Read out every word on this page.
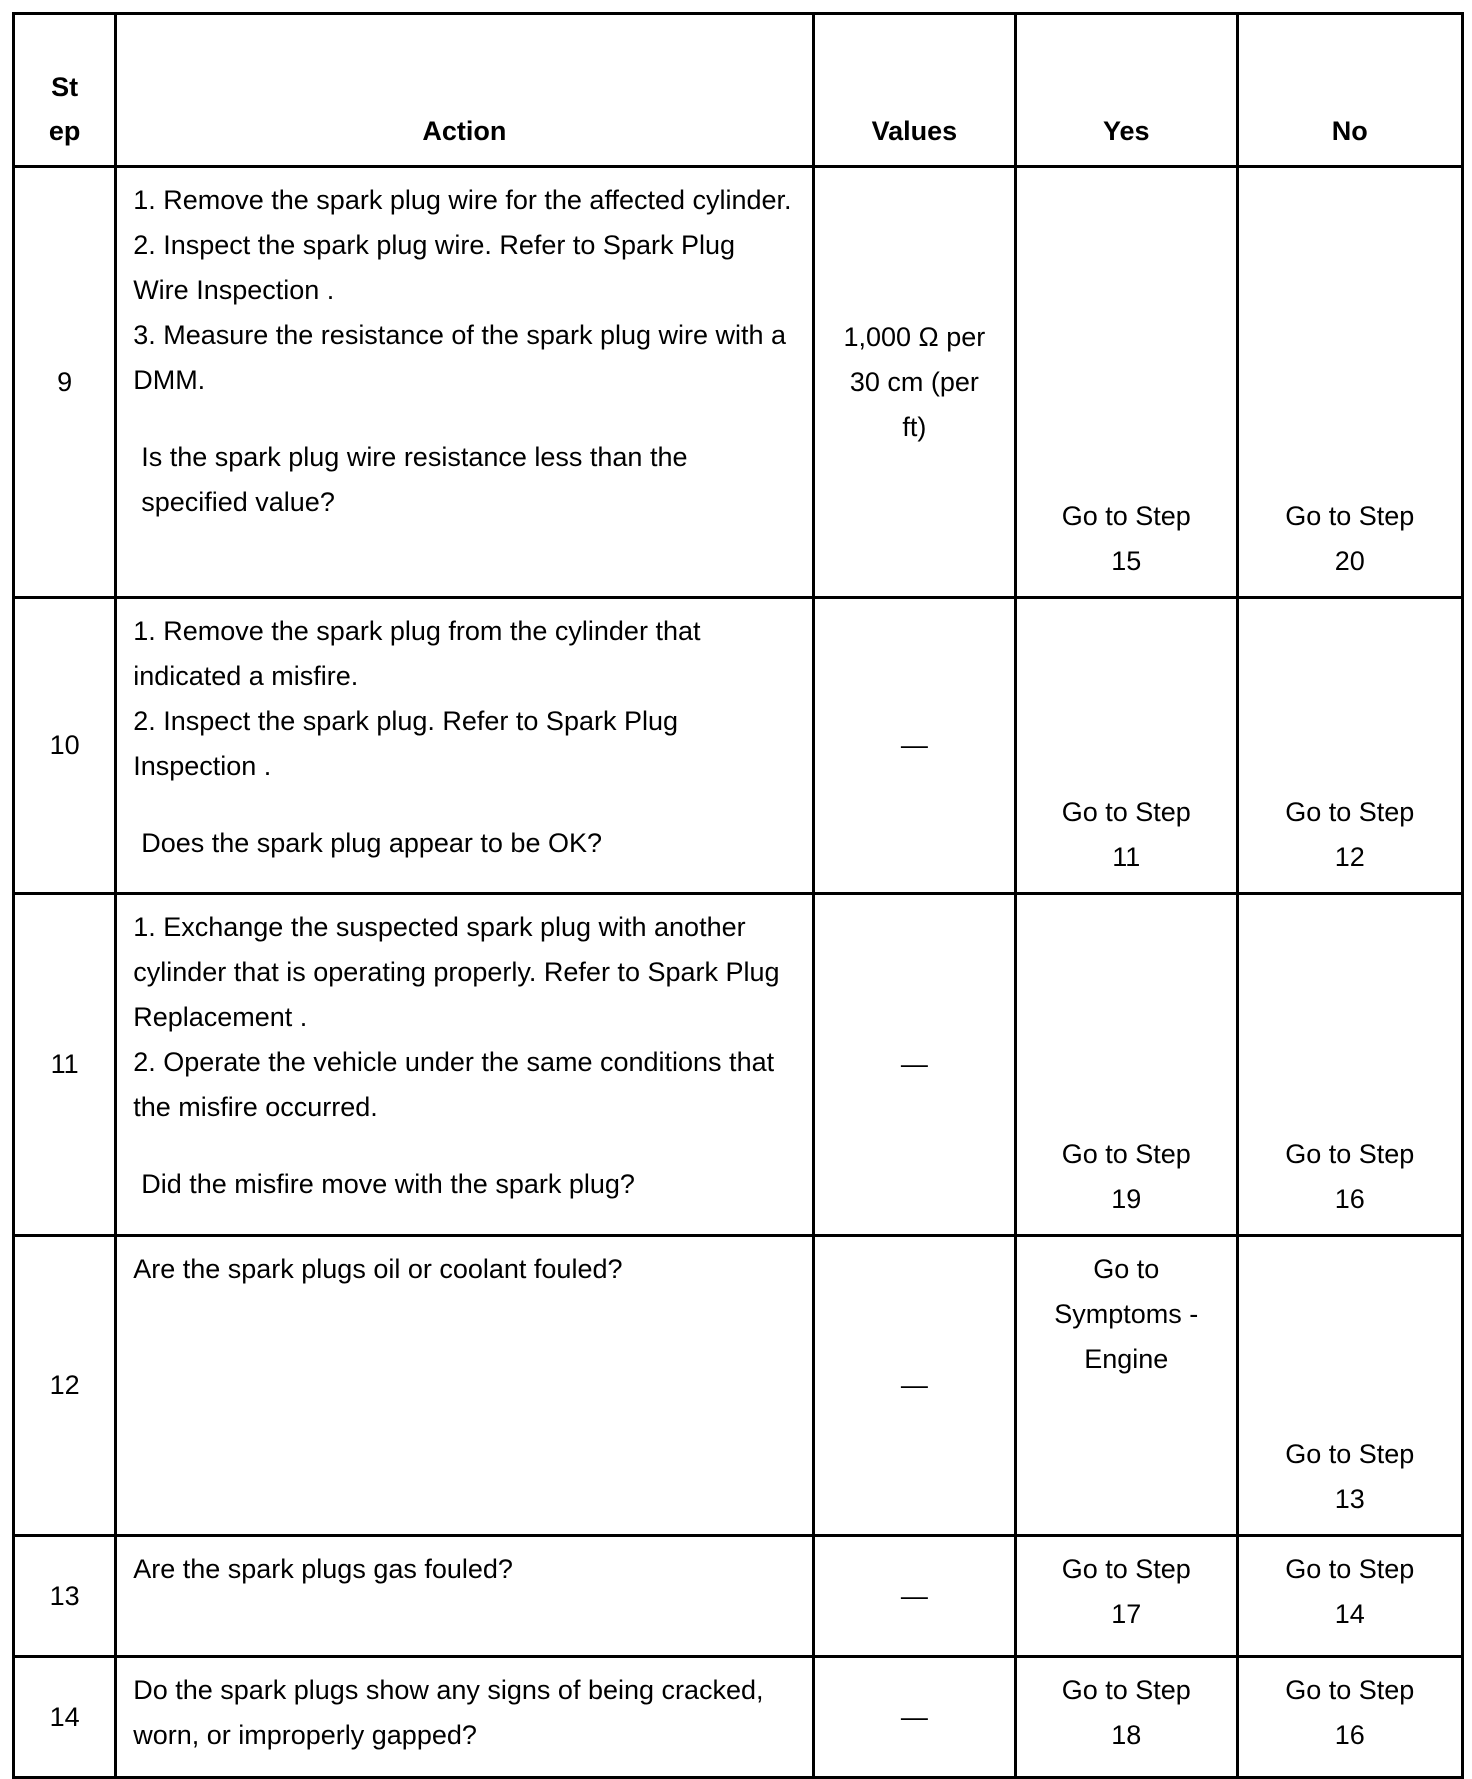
St
ep	Action	Values	Yes	No
9	1. Remove the spark plug wire for the affected cylinder.
2. Inspect the spark plug wire. Refer to Spark Plug Wire Inspection .
3. Measure the resistance of the spark plug wire with a DMM.
Is the spark plug wire resistance less than the specified value?	1,000 Ω per 30 cm (per ft)	Go to Step 15	Go to Step 20
10	1. Remove the spark plug from the cylinder that indicated a misfire.
2. Inspect the spark plug. Refer to Spark Plug Inspection .
Does the spark plug appear to be OK?	—	Go to Step 11	Go to Step 12
11	1. Exchange the suspected spark plug with another cylinder that is operating properly. Refer to Spark Plug Replacement .
2. Operate the vehicle under the same conditions that the misfire occurred.
Did the misfire move with the spark plug?	—	Go to Step 19	Go to Step 16
12	Are the spark plugs oil or coolant fouled?	—	Go to Symptoms - Engine	Go to Step 13
13	Are the spark plugs gas fouled?	—	Go to Step 17	Go to Step 14
14	Do the spark plugs show any signs of being cracked, worn, or improperly gapped?	—	Go to Step 18	Go to Step 16
